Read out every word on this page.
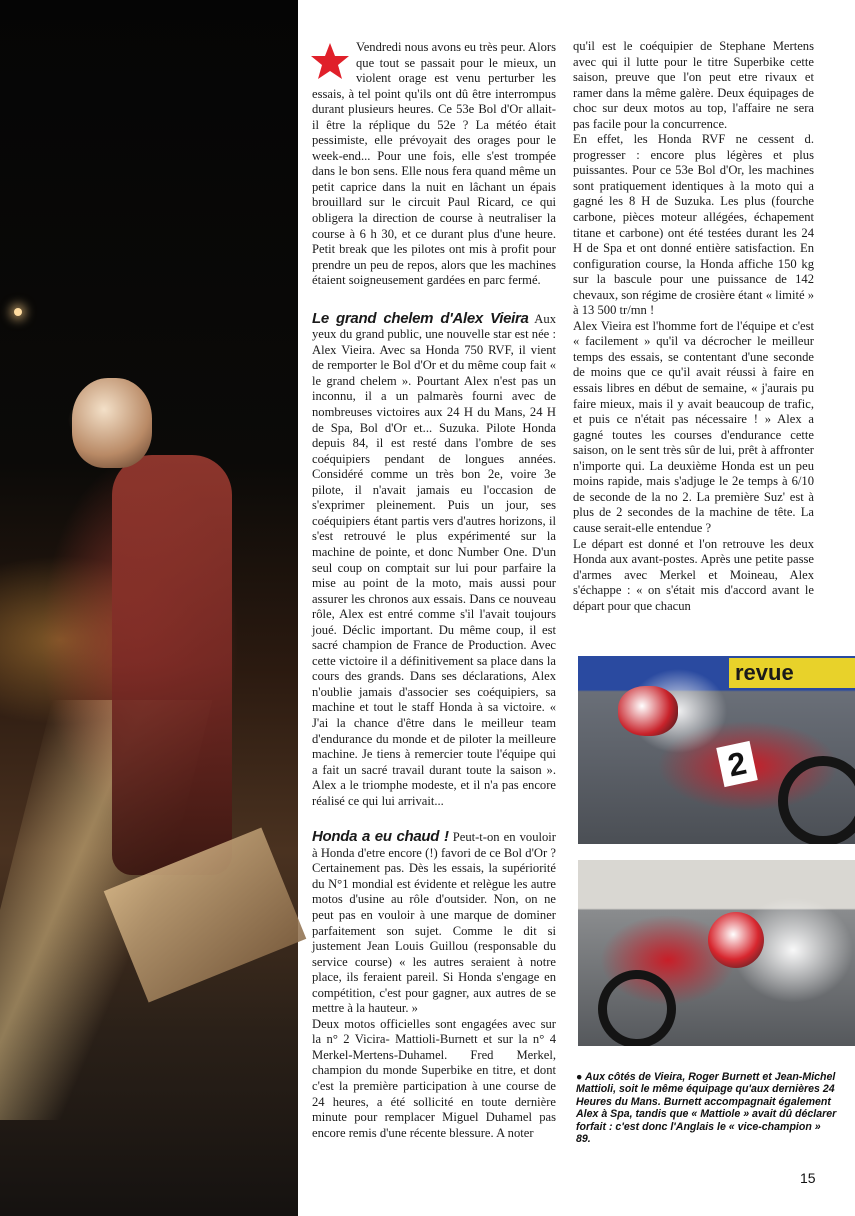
Vendredi nous avons eu très peur. Alors que tout se passait pour le mieux, un violent orage est venu perturber les essais, à tel point qu'ils ont dû être interrompus durant plusieurs heures. Ce 53e Bol d'Or allait-il être la réplique du 52e ? La météo était pessimiste, elle prévoyait des orages pour le week-end... Pour une fois, elle s'est trompée dans le bon sens. Elle nous fera quand même un petit caprice dans la nuit en lâchant un épais brouillard sur le circuit Paul Ricard, ce qui obligera la direction de course à neutraliser la course à 6 h 30, et ce durant plus d'une heure. Petit break que les pilotes ont mis à profit pour prendre un peu de repos, alors que les machines étaient soigneusement gardées en parc fermé.

Le grand chelem d'Alex Vieira Aux yeux du grand public, une nouvelle star est née : Alex Vieira. Avec sa Honda 750 RVF, il vient de remporter le Bol d'Or et du même coup fait « le grand chelem ». Pourtant Alex n'est pas un inconnu, il a un palmarès fourni avec de nombreuses victoires aux 24 H du Mans, 24 H de Spa, Bol d'Or et... Suzuka. Pilote Honda depuis 84, il est resté dans l'ombre de ses coéquipiers pendant de longues années. Considéré comme un très bon 2e, voire 3e pilote, il n'avait jamais eu l'occasion de s'exprimer pleinement. Puis un jour, ses coéquipiers étant partis vers d'autres horizons, il s'est retrouvé le plus expérimenté sur la machine de pointe, et donc Number One. D'un seul coup on comptait sur lui pour parfaire la mise au point de la moto, mais aussi pour assurer les chronos aux essais. Dans ce nouveau rôle, Alex est entré comme s'il l'avait toujours joué. Déclic important. Du même coup, il est sacré champion de France de Production. Avec cette victoire il a définitivement sa place dans la cours des grands. Dans ses déclarations, Alex n'oublie jamais d'associer ses coéquipiers, sa machine et tout le staff Honda à sa victoire. « J'ai la chance d'être dans le meilleur team d'endurance du monde et de piloter la meilleure machine. Je tiens à remercier toute l'équipe qui a fait un sacré travail durant toute la saison ». Alex a le triomphe modeste, et il n'a pas encore réalisé ce qui lui arrivait...

Honda a eu chaud ! Peut-t-on en vouloir à Honda d'etre encore (!) favori de ce Bol d'Or ? Certainement pas. Dès les essais, la supériorité du N°1 mondial est évidente et relègue les autre motos d'usine au rôle d'outsider. Non, on ne peut pas en vouloir à une marque de dominer parfaitement son sujet. Comme le dit si justement Jean Louis Guillou (responsable du service course) « les autres seraient à notre place, ils feraient pareil. Si Honda s'engage en compétition, c'est pour gagner, aux autres de se mettre à la hauteur. »

Deux motos officielles sont engagées avec sur la n° 2 Vicira- Mattioli-Burnett et sur la n° 4 Merkel-Mertens-Duhamel. Fred Merkel, champion du monde Superbike en titre, et dont c'est la première participation à une course de 24 heures, a été sollicité en toute dernière minute pour remplacer Miguel Duhamel pas encore remis d'une récente blessure. A noter

qu'il est le coéquipier de Stephane Mertens avec qui il lutte pour le titre Superbike cette saison, preuve que l'on peut etre rivaux et ramer dans la même galère. Deux équipages de choc sur deux motos au top, l'affaire ne sera pas facile pour la concurrence.

En effet, les Honda RVF ne cessent d. progresser : encore plus légères et plus puissantes. Pour ce 53e Bol d'Or, les machines sont pratiquement identiques à la moto qui a gagné les 8 H de Suzuka. Les plus (fourche carbone, pièces moteur allégées, échapement titane et carbone) ont été testées durant les 24 H de Spa et ont donné entière satisfaction. En configuration course, la Honda affiche 150 kg sur la bascule pour une puissance de 142 chevaux, son régime de crosière étant « limité » à 13 500 tr/mn !

Alex Vieira est l'homme fort de l'équipe et c'est « facilement » qu'il va décrocher le meilleur temps des essais, se contentant d'une seconde de moins que ce qu'il avait réussi à faire en essais libres en début de semaine, « j'aurais pu faire mieux, mais il y avait beaucoup de trafic, et puis ce n'était pas nécessaire ! » Alex a gagné toutes les courses d'endurance cette saison, on le sent très sûr de lui, prêt à affronter n'importe qui. La deuxième Honda est un peu moins rapide, mais s'adjuge le 2e temps à 6/10 de seconde de la no 2. La première Suz' est à plus de 2 secondes de la machine de tête. La cause serait-elle entendue ?

Le départ est donné et l'on retrouve les deux Honda aux avant-postes. Après une petite passe d'armes avec Merkel et Moineau, Alex s'échappe : « on s'était mis d'accord avant le départ pour que chacun

revue
2
● Aux côtés de Vieira, Roger Burnett et Jean-Michel Mattioli, soit le même équipage qu'aux dernières 24 Heures du Mans. Burnett accompagnait également Alex à Spa, tandis que « Mattiole » avait dû déclarer forfait : c'est donc l'Anglais le « vice-champion » 89.
15
